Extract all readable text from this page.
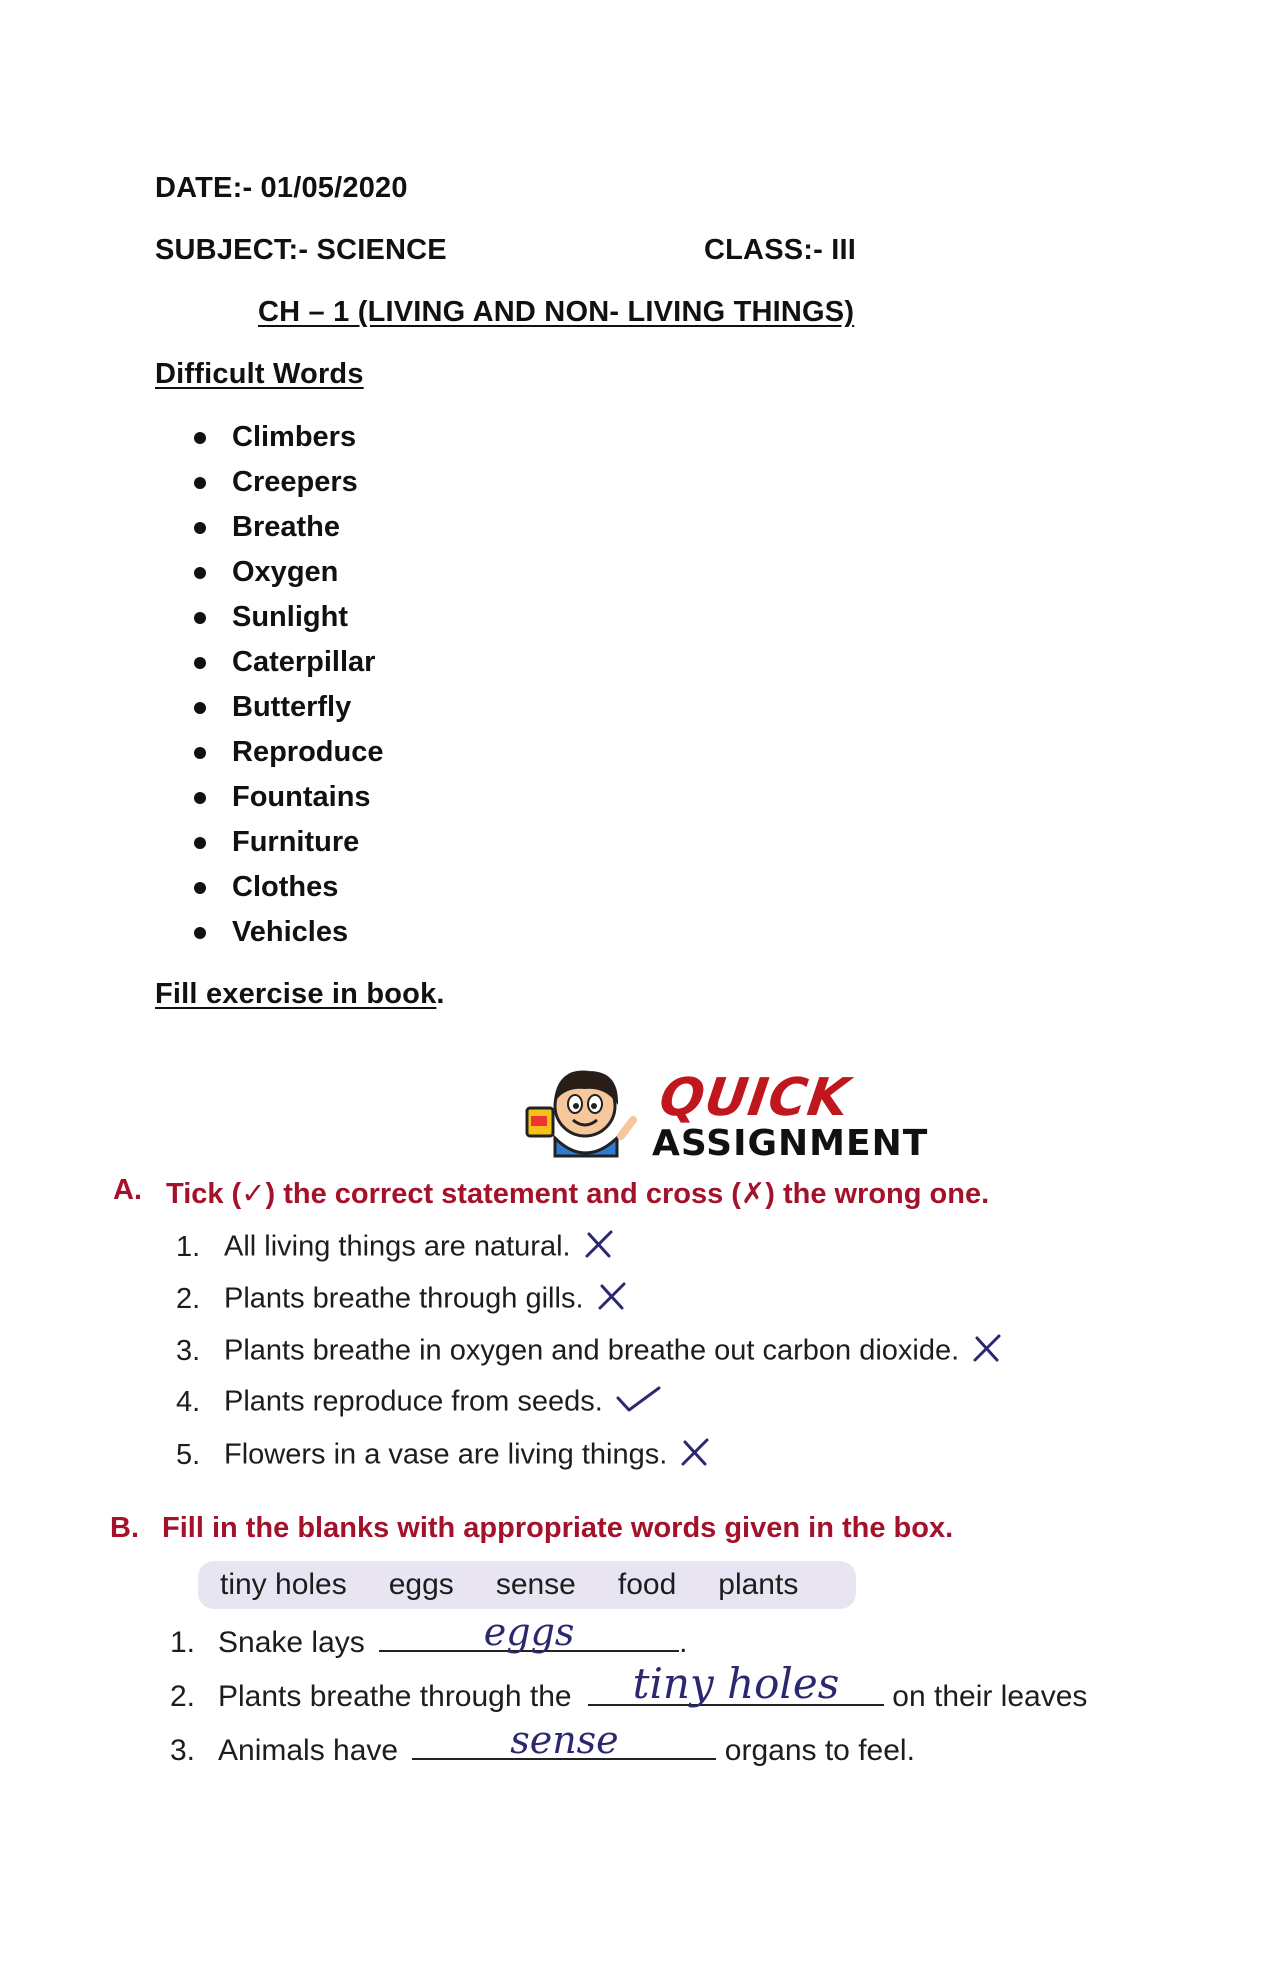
DATE:- 01/05/2020
SUBJECT:- SCIENCE	CLASS:- III
CH – 1 (LIVING AND NON- LIVING THINGS)
Difficult Words
Climbers
Creepers
Breathe
Oxygen
Sunlight
Caterpillar
Butterfly
Reproduce
Fountains
Furniture
Clothes
Vehicles
Fill exercise in book.
QUICK
ASSIGNMENT
A. Tick (✓) the correct statement and cross (✗) the wrong one.
1. All living things are natural.
2. Plants breathe through gills.
3. Plants breathe in oxygen and breathe out carbon dioxide.
4. Plants reproduce from seeds.
5. Flowers in a vase are living things.
B. Fill in the blanks with appropriate words given in the box.
tiny holes eggs sense food plants
1. Snake lays	eggs	.
2. Plants breathe through the tiny holes on their leaves
3. Animals have	sense	organs to feel.
